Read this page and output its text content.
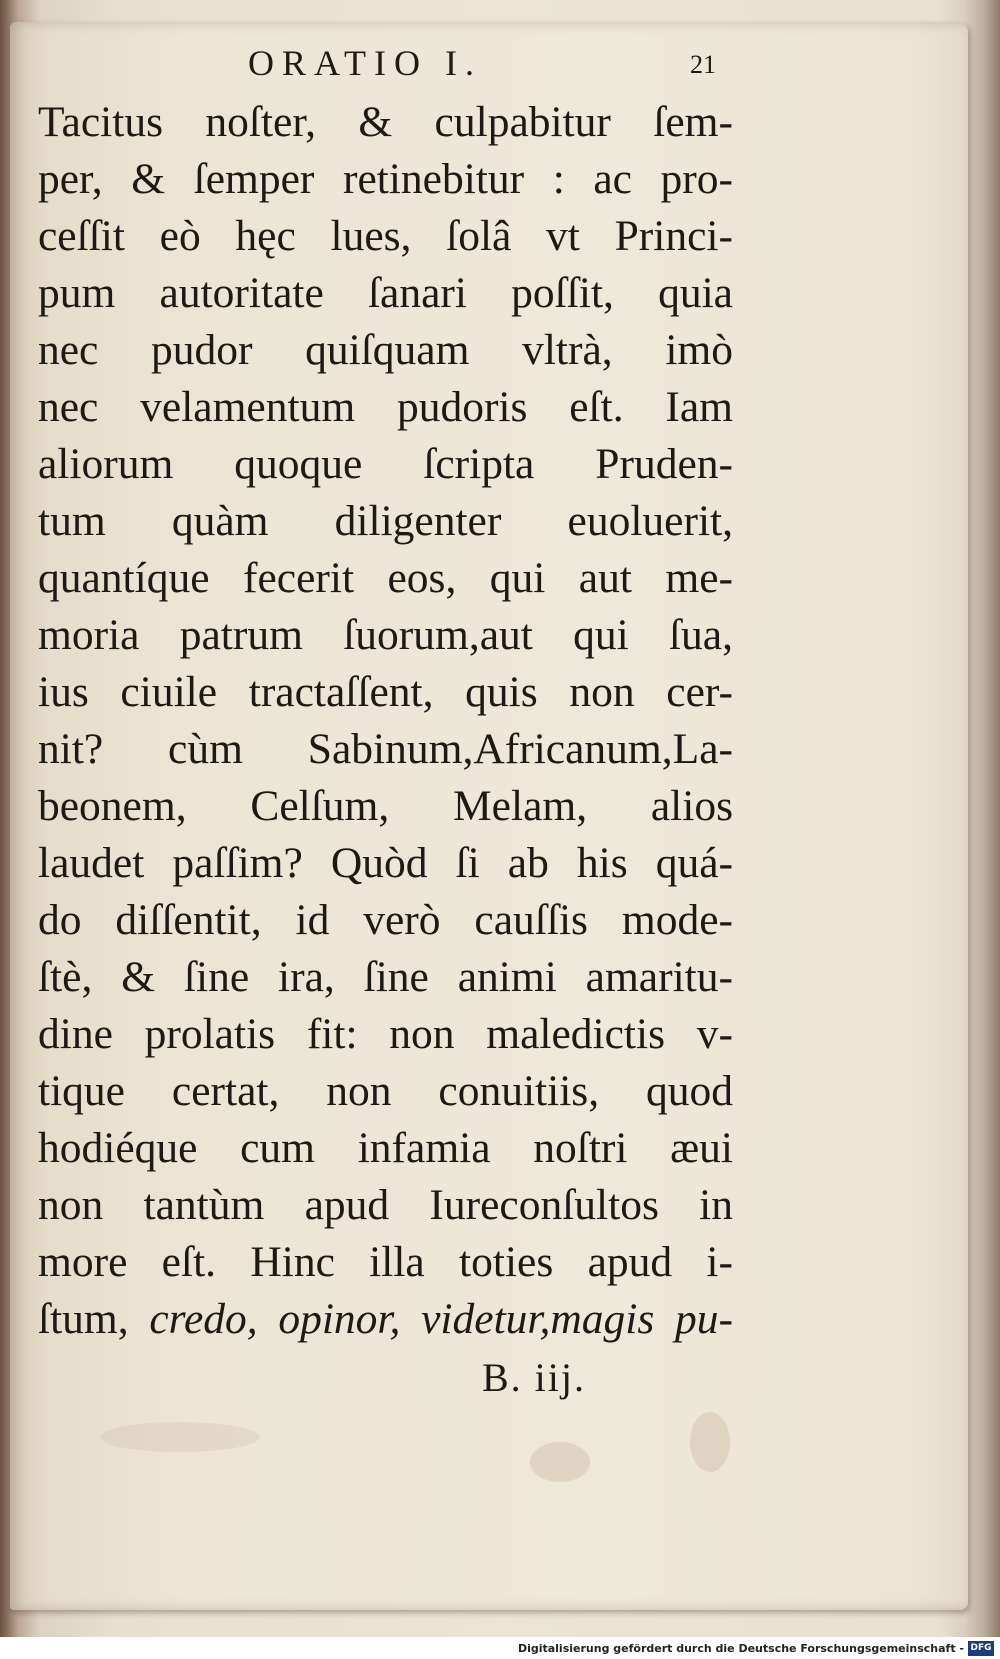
ORATIO I.	21
Tacitus noſter, & culpabitur ſem-
per, & ſemper retinebitur : ac pro-
ceſſit eò hęc lues, ſolâ vt Princi-
pum autoritate ſanari poſſit, quia
nec pudor quiſquam vltrà, imò
nec velamentum pudoris eſt. Iam
aliorum quoque ſcripta Pruden-
tum quàm diligenter euoluerit,
quantíque fecerit eos, qui aut me-
moria patrum ſuorum,aut qui ſua,
ius ciuile tractaſſent, quis non cer-
nit? cùm Sabinum,Africanum,La-
beonem, Celſum, Melam, alios
laudet paſſim? Quòd ſi ab his quá-
do diſſentit, id verò cauſſis mode-
ſtè, & ſine ira, ſine animi amaritu-
dine prolatis fit: non maledictis v-
tique certat, non conuitiis, quod
hodiéque cum infamia noſtri æui
non tantùm apud Iureconſultos in
more eſt. Hinc illa toties apud i-
ſtum, credo, opinor, videtur,magis pu-
B. iij.
Digitalisierung gefördert durch die Deutsche Forschungsgemeinschaft - DFG
